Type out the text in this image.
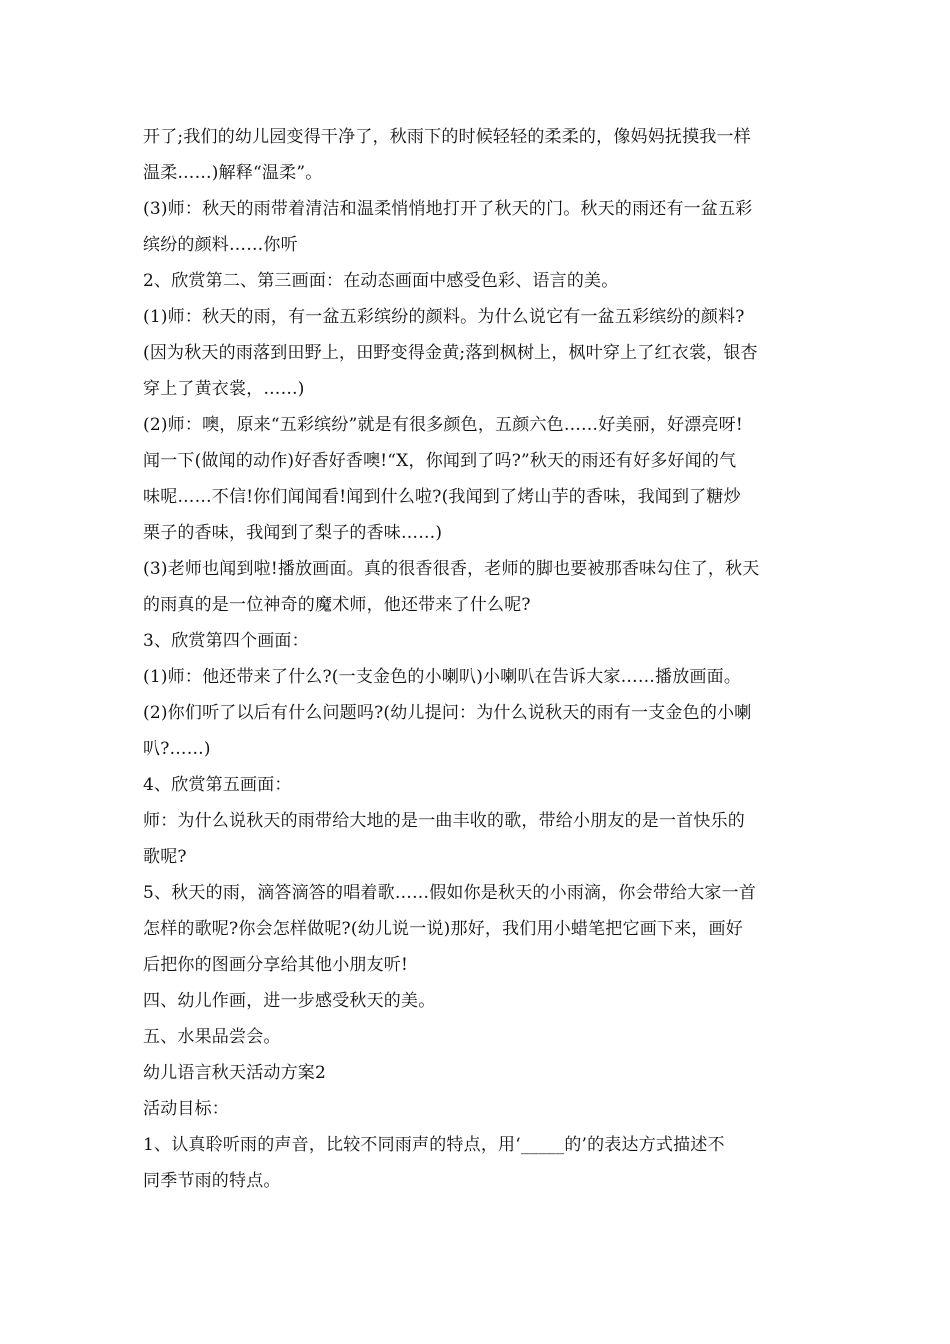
开了;我们的幼儿园变得干净了，秋雨下的时候轻轻的柔柔的，像妈妈抚摸我一样
温柔……)解释“温柔”。
(3)师：秋天的雨带着清洁和温柔悄悄地打开了秋天的门。秋天的雨还有一盆五彩
缤纷的颜料……你听
2、欣赏第二、第三画面：在动态画面中感受色彩、语言的美。
(1)师：秋天的雨，有一盆五彩缤纷的颜料。为什么说它有一盆五彩缤纷的颜料?
(因为秋天的雨落到田野上，田野变得金黄;落到枫树上，枫叶穿上了红衣裳，银杏
穿上了黄衣裳，……)
(2)师：噢，原来“五彩缤纷”就是有很多颜色，五颜六色……好美丽，好漂亮呀!
闻一下(做闻的动作)好香好香噢!“X，你闻到了吗?”秋天的雨还有好多好闻的气
味呢……不信!你们闻闻看!闻到什么啦?(我闻到了烤山芋的香味，我闻到了糖炒
栗子的香味，我闻到了梨子的香味……)
(3)老师也闻到啦!播放画面。真的很香很香，老师的脚也要被那香味勾住了，秋天
的雨真的是一位神奇的魔术师，他还带来了什么呢?
3、欣赏第四个画面：
(1)师：他还带来了什么?(一支金色的小喇叭)小喇叭在告诉大家……播放画面。
(2)你们听了以后有什么问题吗?(幼儿提问：为什么说秋天的雨有一支金色的小喇
叭?……)
4、欣赏第五画面：
师：为什么说秋天的雨带给大地的是一曲丰收的歌，带给小朋友的是一首快乐的
歌呢?
5、秋天的雨，滴答滴答的唱着歌……假如你是秋天的小雨滴，你会带给大家一首
怎样的歌呢?你会怎样做呢?(幼儿说一说)那好，我们用小蜡笔把它画下来，画好
后把你的图画分享给其他小朋友听!
四、幼儿作画，进一步感受秋天的美。
五、水果品尝会。
幼儿语言秋天活动方案2
活动目标：
1、认真聆听雨的声音，比较不同雨声的特点，用‘_____的’的表达方式描述不
同季节雨的特点。
